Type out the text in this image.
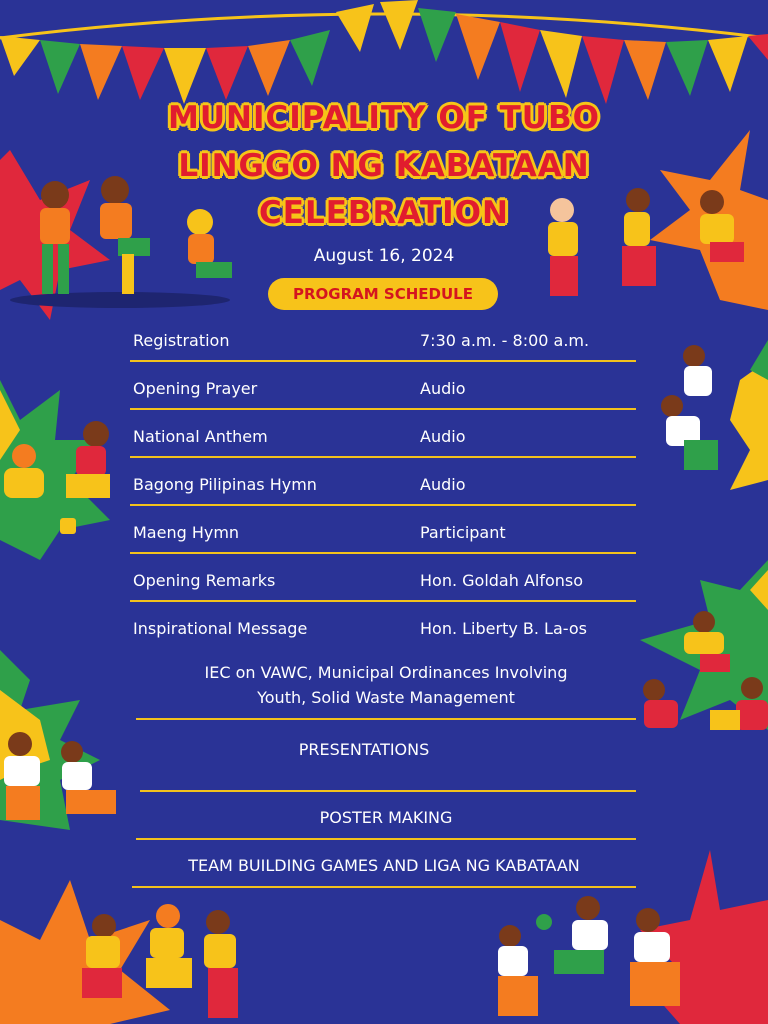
MUNICIPALITY OF TUBO
LINGGO NG KABATAAN
CELEBRATION
August 16, 2024
PROGRAM SCHEDULE
Registration	7:30 a.m. - 8:00 a.m.
Opening Prayer	Audio
National Anthem	Audio
Bagong Pilipinas Hymn	Audio
Maeng Hymn	Participant
Opening Remarks	Hon. Goldah Alfonso
Inspirational Message	Hon. Liberty B. La-os
IEC on VAWC, Municipal Ordinances Involving
Youth, Solid Waste Management
PRESENTATIONS
POSTER MAKING
TEAM BUILDING GAMES AND LIGA NG KABATAAN
